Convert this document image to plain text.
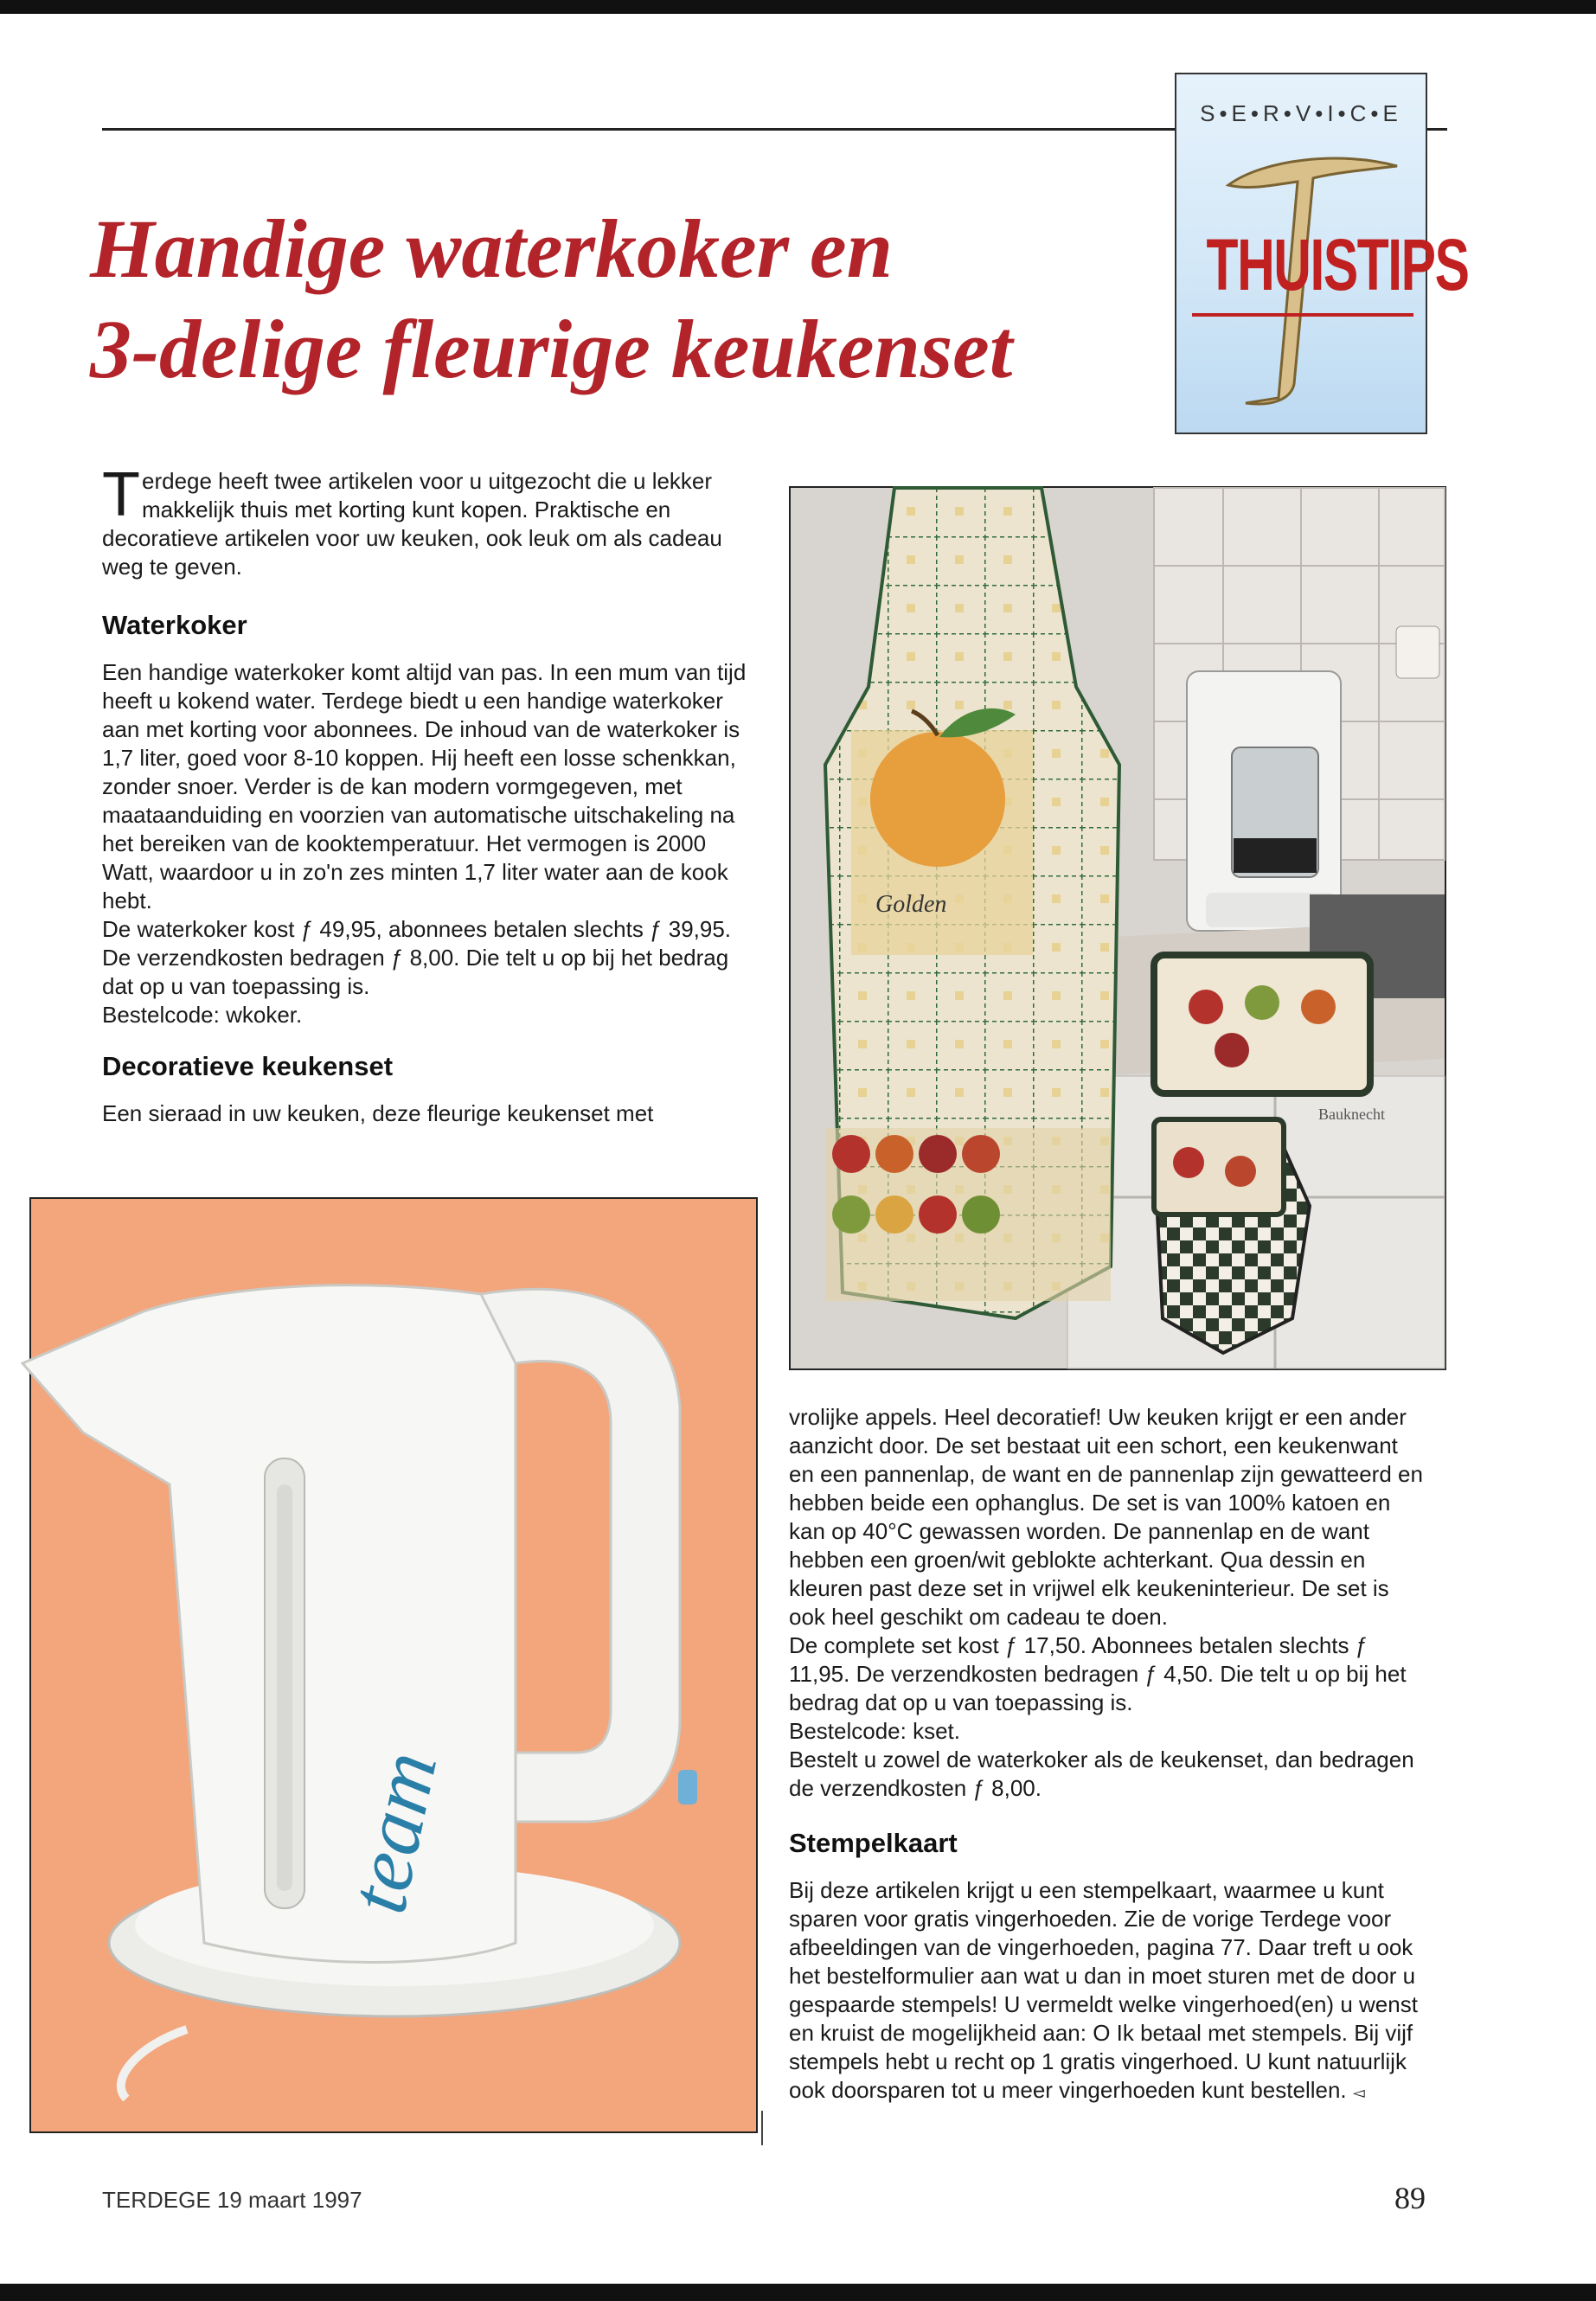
S•E•R•V•I•C•E
THUISTIPS
Handige waterkoker en
3-delige fleurige keukenset

Terdege heeft twee artikelen voor u uitgezocht die u lekker makkelijk thuis met korting kunt kopen. Praktische en decoratieve artikelen voor uw keuken, ook leuk om als cadeau weg te geven.

Waterkoker

Een handige waterkoker komt altijd van pas. In een mum van tijd heeft u kokend water. Terdege biedt u een handige waterkoker aan met korting voor abonnees. De inhoud van de waterkoker is 1,7 liter, goed voor 8-10 koppen. Hij heeft een losse schenkkan, zonder snoer. Verder is de kan modern vormgegeven, met maataanduiding en voorzien van automatische uitschakeling na het bereiken van de kooktemperatuur. Het vermogen is 2000 Watt, waardoor u in zo'n zes minten 1,7 liter water aan de kook hebt.

De waterkoker kost ƒ 49,95, abonnees betalen slechts ƒ 39,95. De verzendkosten bedragen ƒ 8,00. Die telt u op bij het bedrag dat op u van toepassing is.

Bestelcode: wkoker.

Decoratieve keukenset

Een sieraad in uw keuken, deze fleurige keukenset met	Bauknecht
Golden
team

vrolijke appels. Heel decoratief! Uw keuken krijgt er een ander aanzicht door. De set bestaat uit een schort, een keukenwant en een pannenlap, de want en de pannenlap zijn gewatteerd en hebben beide een ophanglus. De set is van 100% katoen en kan op 40°C gewassen worden. De pannenlap en de want hebben een groen/wit geblokte achterkant. Qua dessin en kleuren past deze set in vrijwel elk keukeninterieur. De set is ook heel geschikt om cadeau te doen.

De complete set kost ƒ 17,50. Abonnees betalen slechts ƒ 11,95. De verzendkosten bedragen ƒ 4,50. Die telt u op bij het bedrag dat op u van toepassing is.

Bestelcode: kset.

Bestelt u zowel de waterkoker als de keukenset, dan bedragen de verzendkosten ƒ 8,00.

Stempelkaart

Bij deze artikelen krijgt u een stempelkaart, waarmee u kunt sparen voor gratis vingerhoeden. Zie de vorige Terdege voor afbeeldingen van de vingerhoeden, pagina 77. Daar treft u ook het bestelformulier aan wat u dan in moet sturen met de door u gespaarde stempels! U vermeldt welke vingerhoed(en) u wenst en kruist de mogelijkheid aan: O Ik betaal met stempels. Bij vijf stempels hebt u recht op 1 gratis vingerhoed. U kunt natuurlijk ook doorsparen tot u meer vingerhoeden kunt bestellen. ◅

TERDEGE 19 maart 1997	89
